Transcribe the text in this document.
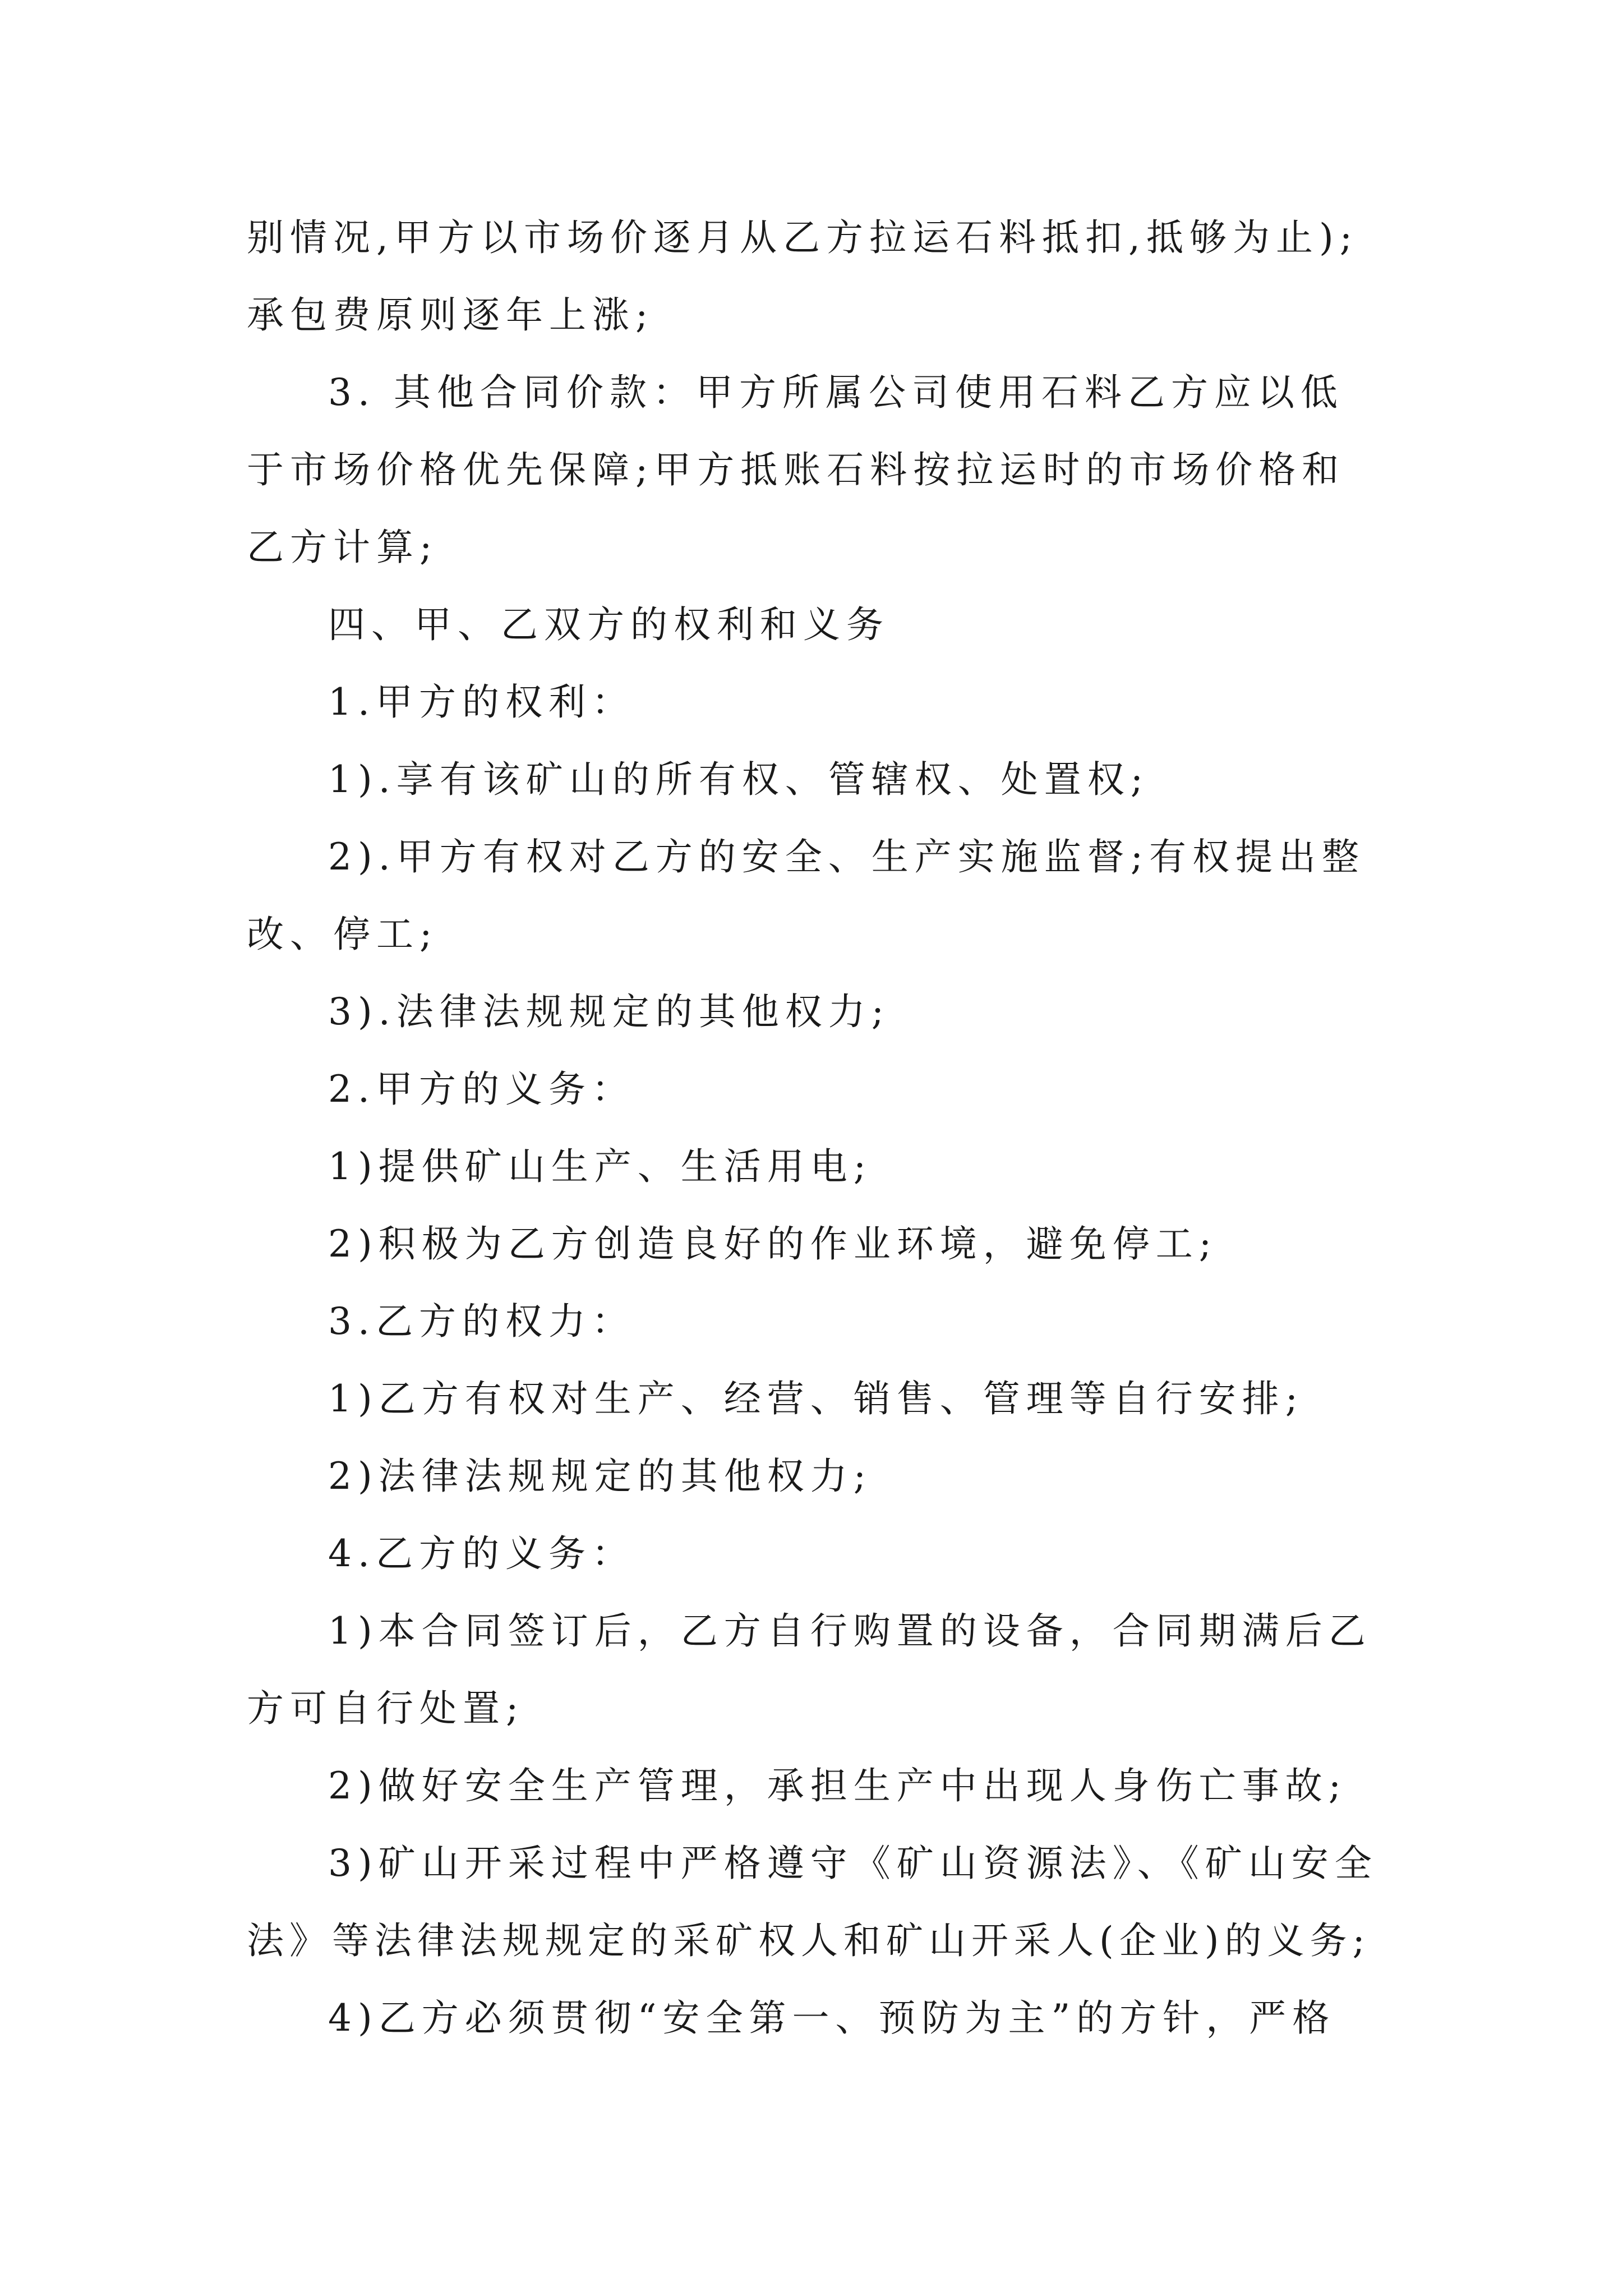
别情况,甲方以市场价逐月从乙方拉运石料抵扣,抵够为止);
承包费原则逐年上涨;
3. 其他合同价款：甲方所属公司使用石料乙方应以低
于市场价格优先保障;甲方抵账石料按拉运时的市场价格和
乙方计算;
四、甲、乙双方的权利和义务
1.甲方的权利：
1).享有该矿山的所有权、管辖权、处置权;
2).甲方有权对乙方的安全、生产实施监督;有权提出整
改、停工;
3).法律法规规定的其他权力;
2.甲方的义务：
1)提供矿山生产、生活用电;
2)积极为乙方创造良好的作业环境，避免停工;
3.乙方的权力：
1)乙方有权对生产、经营、销售、管理等自行安排;
2)法律法规规定的其他权力;
4.乙方的义务：
1)本合同签订后，乙方自行购置的设备，合同期满后乙
方可自行处置;
2)做好安全生产管理，承担生产中出现人身伤亡事故;
3)矿山开采过程中严格遵守《矿山资源法》、《矿山安全
法》等法律法规规定的采矿权人和矿山开采人(企业)的义务;
4)乙方必须贯彻“安全第一、预防为主”的方针，严格
